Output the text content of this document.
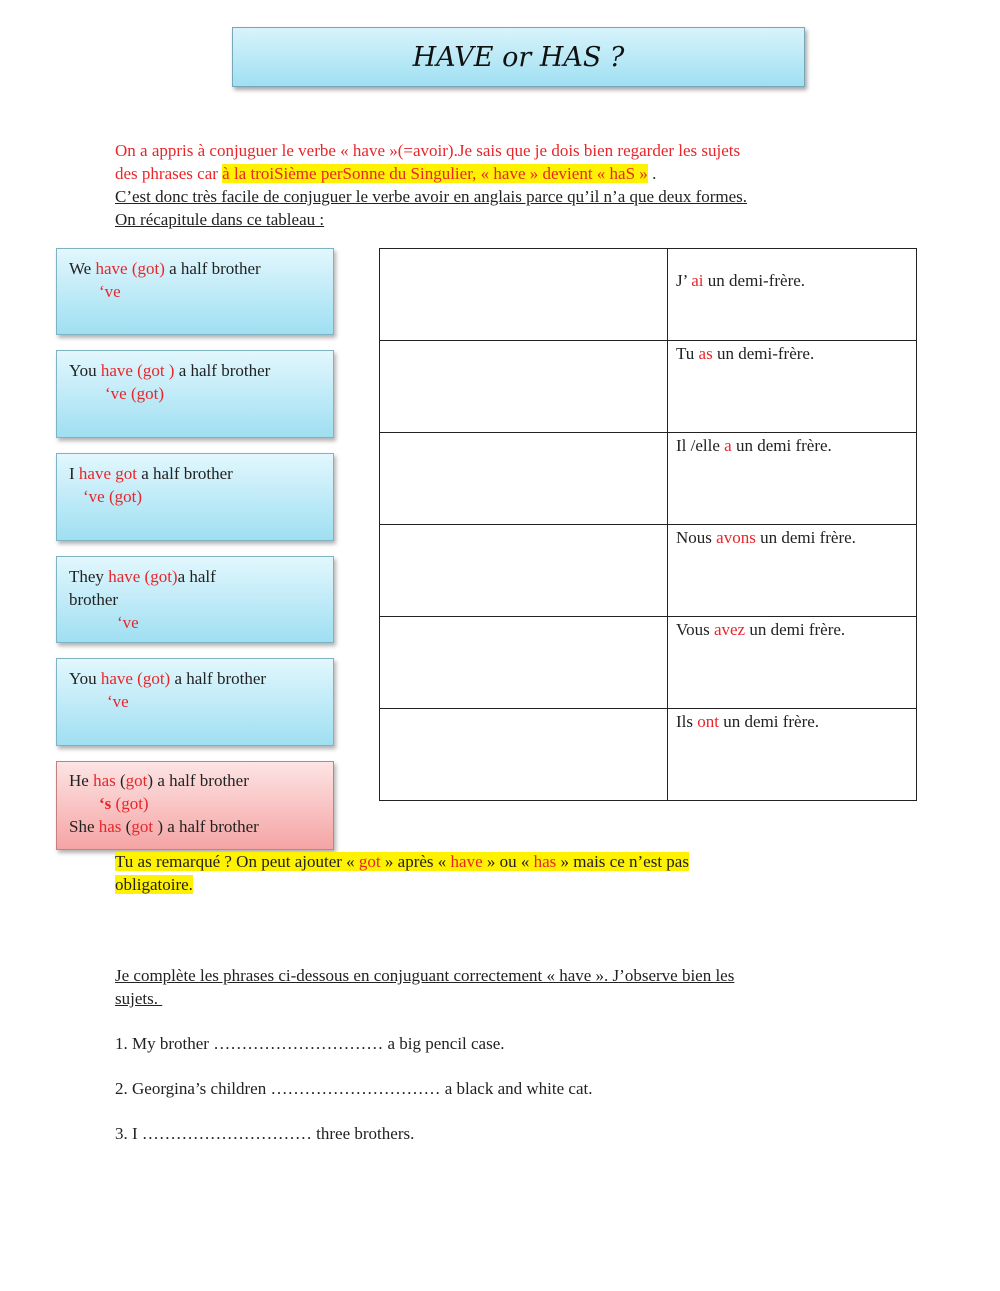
HAVE or HAS ?

On a appris à conjuguer le verbe « have »(=avoir).Je sais que je dois bien regarder les sujets

des phrases car à la troiSième perSonne du Singulier, « have » devient « haS » .

C’est donc très facile de conjuguer le verbe avoir en anglais parce qu’il n’a que deux formes.

On récapitule dans ce tableau :

We have (got) a half brother
‘ve
You have (got ) a half brother
‘ve (got)
I have got a half brother
‘ve (got)
They have (got)a half
brother
‘ve
You have (got) a half brother
‘ve
He has (got) a half brother
‘s (got)
She has (got ) a half brother
	J’ ai un demi-frère.
	Tu as un demi-frère.
	Il /elle a un demi frère.
	Nous avons un demi frère.
	Vous avez un demi frère.
	Ils ont un demi frère.
Tu as remarqué ? On peut ajouter « got » après « have » ou « has » mais ce n’est pas
obligatoire.

Je complète les phrases ci-dessous en conjuguant correctement « have ». J’observe bien les

sujets.

1. My brother ………………………… a big pencil case.

2. Georgina’s children ………………………… a black and white cat.

3. I ………………………… three brothers.
